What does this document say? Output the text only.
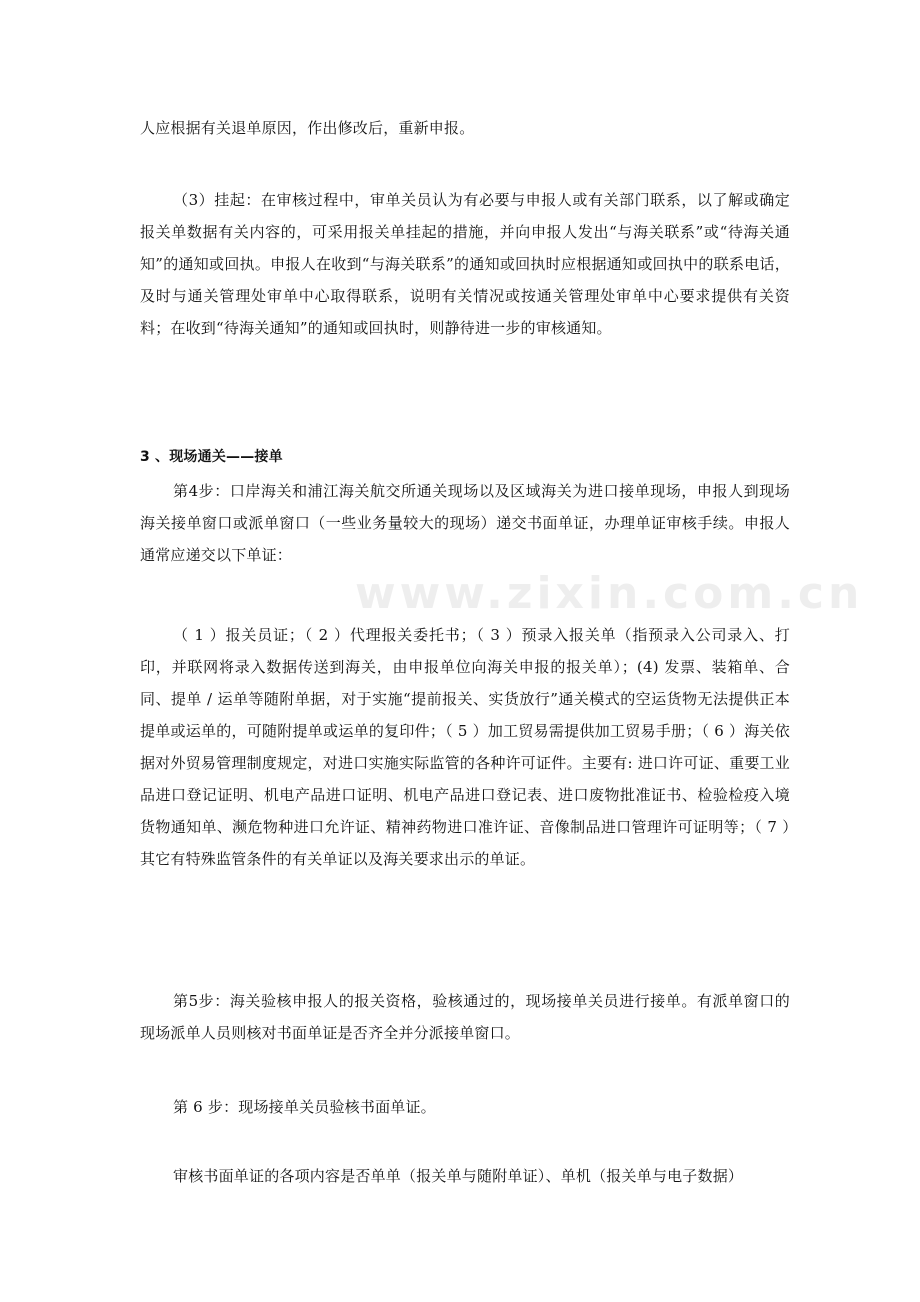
人应根据有关退单原因，作出修改后，重新申报。

（3）挂起：在审核过程中，审单关员认为有必要与申报人或有关部门联系，以了解或确定报关单数据有关内容的，可采用报关单挂起的措施，并向申报人发出“与海关联系”或“待海关通知”的通知或回执。申报人在收到“与海关联系”的通知或回执时应根据通知或回执中的联系电话，及时与通关管理处审单中心取得联系，说明有关情况或按通关管理处审单中心要求提供有关资料；在收到“待海关通知”的通知或回执时，则静待进一步的审核通知。

3 、现场通关——接单

第4步：口岸海关和浦江海关航交所通关现场以及区域海关为进口接单现场，申报人到现场海关接单窗口或派单窗口（一些业务量较大的现场）递交书面单证，办理单证审核手续。申报人通常应递交以下单证：

（ 1 ）报关员证；（ 2 ）代理报关委托书；（ 3 ）预录入报关单（指预录入公司录入、打印，并联网将录入数据传送到海关，由申报单位向海关申报的报关单）；(4) 发票、装箱单、合同、提单 / 运单等随附单据，对于实施“提前报关、实货放行”通关模式的空运货物无法提供正本提单或运单的，可随附提单或运单的复印件；（ 5 ）加工贸易需提供加工贸易手册；（ 6 ）海关依据对外贸易管理制度规定，对进口实施实际监管的各种许可证件。主要有: 进口许可证、重要工业品进口登记证明、机电产品进口证明、机电产品进口登记表、进口废物批准证书、检验检疫入境货物通知单、濒危物种进口允许证、精神药物进口准许证、音像制品进口管理许可证明等；（ 7 ）其它有特殊监管条件的有关单证以及海关要求出示的单证。

第5步：海关验核申报人的报关资格，验核通过的，现场接单关员进行接单。有派单窗口的现场派单人员则核对书面单证是否齐全并分派接单窗口。

第 6 步：现场接单关员验核书面单证。

审核书面单证的各项内容是否单单（报关单与随附单证）、单机（报关单与电子数据）

www.zixin.com.cn
